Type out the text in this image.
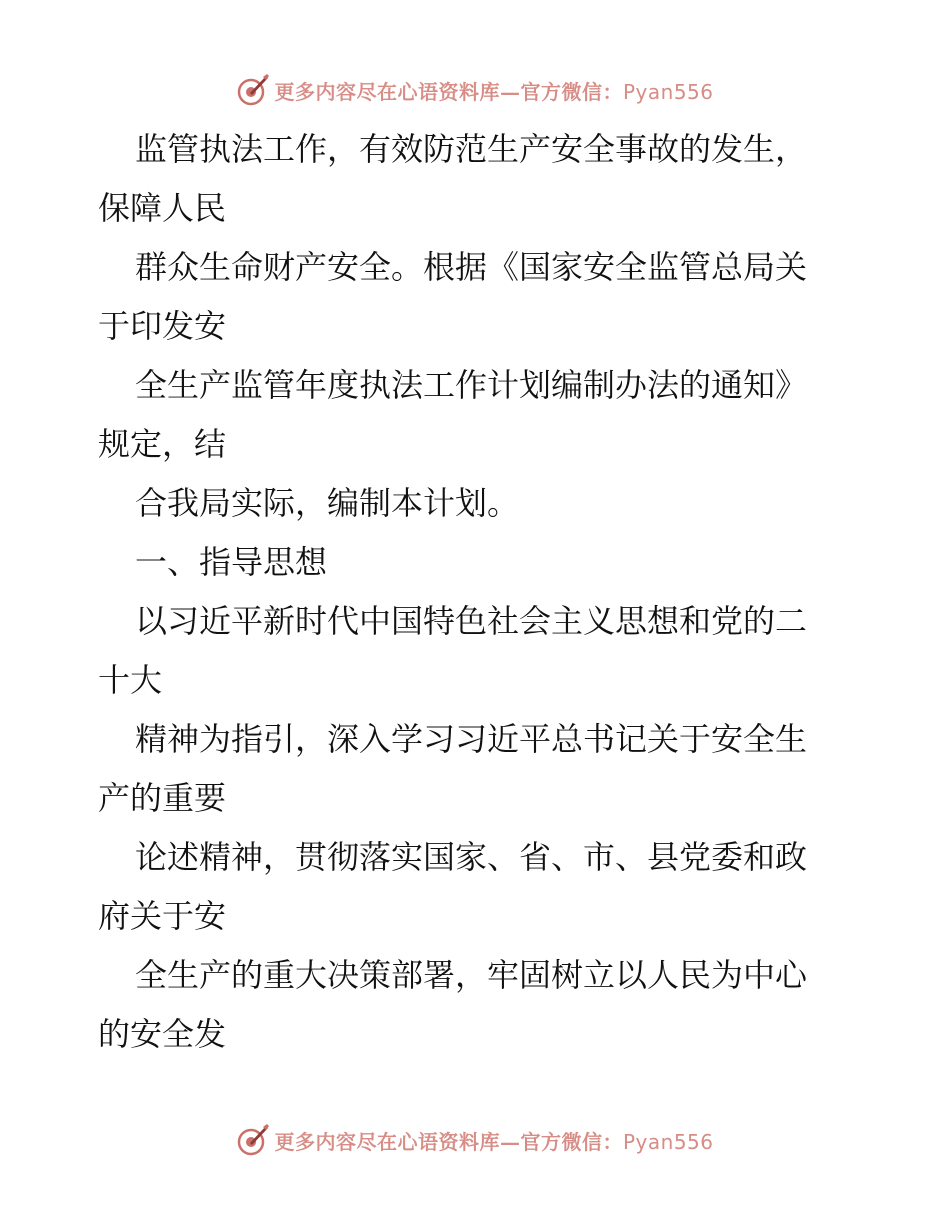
更多内容尽在心语资料库—官方微信：Pyan556
监管执法工作，有效防范生产安全事故的发生，
保障人民
群众生命财产安全。根据《国家安全监管总局关
于印发安
全生产监管年度执法工作计划编制办法的通知》
规定，结
合我局实际，编制本计划。
一、指导思想
以习近平新时代中国特色社会主义思想和党的二
十大
精神为指引，深入学习习近平总书记关于安全生
产的重要
论述精神，贯彻落实国家、省、市、县党委和政
府关于安
全生产的重大决策部署，牢固树立以人民为中心
的安全发
更多内容尽在心语资料库—官方微信：Pyan556
